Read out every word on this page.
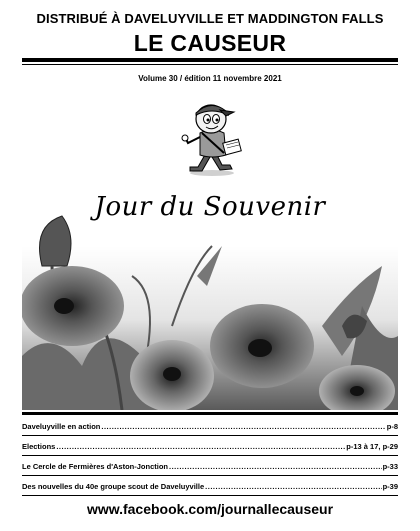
DISTRIBUÉ À DAVELUYVILLE ET MADDINGTON FALLS
LE CAUSEUR
Volume 30 / édition 11 novembre 2021
Jour du Souvenir
Daveluyville en action .....	p-8
Elections .....	p-13 à 17, p-29
Le Cercle de Fermières d'Aston-Jonction .....	p-33
Des nouvelles du 40e groupe scout de Daveluyville .....	p-39
www.facebook.com/journallecauseur
